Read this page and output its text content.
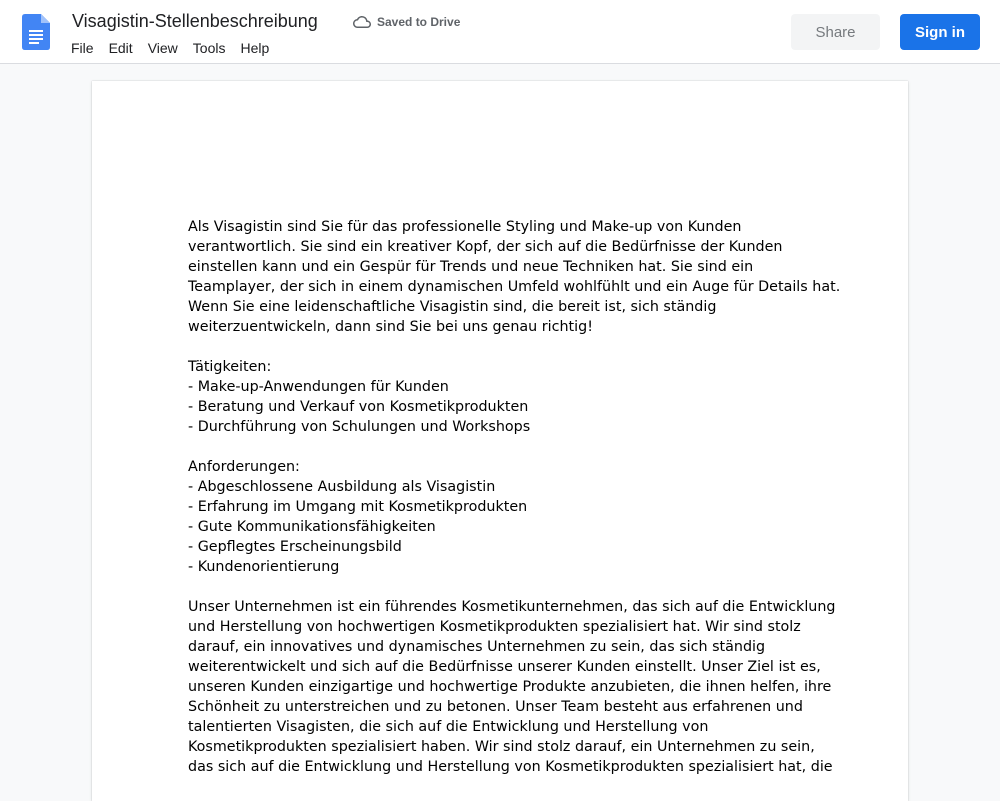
Visagistin-Stellenbeschreibung	Saved to Drive
File Edit View Tools Help
Share	Sign in

Als Visagistin sind Sie für das professionelle Styling und Make-up von Kunden
verantwortlich. Sie sind ein kreativer Kopf, der sich auf die Bedürfnisse der Kunden
einstellen kann und ein Gespür für Trends und neue Techniken hat. Sie sind ein
Teamplayer, der sich in einem dynamischen Umfeld wohlfühlt und ein Auge für Details hat.
Wenn Sie eine leidenschaftliche Visagistin sind, die bereit ist, sich ständig
weiterzuentwickeln, dann sind Sie bei uns genau richtig!

Tätigkeiten:
- Make-up-Anwendungen für Kunden
- Beratung und Verkauf von Kosmetikprodukten
- Durchführung von Schulungen und Workshops

Anforderungen:
- Abgeschlossene Ausbildung als Visagistin
- Erfahrung im Umgang mit Kosmetikprodukten
- Gute Kommunikationsfähigkeiten
- Gepflegtes Erscheinungsbild
- Kundenorientierung

Unser Unternehmen ist ein führendes Kosmetikunternehmen, das sich auf die Entwicklung
und Herstellung von hochwertigen Kosmetikprodukten spezialisiert hat. Wir sind stolz
darauf, ein innovatives und dynamisches Unternehmen zu sein, das sich ständig
weiterentwickelt und sich auf die Bedürfnisse unserer Kunden einstellt. Unser Ziel ist es,
unseren Kunden einzigartige und hochwertige Produkte anzubieten, die ihnen helfen, ihre
Schönheit zu unterstreichen und zu betonen. Unser Team besteht aus erfahrenen und
talentierten Visagisten, die sich auf die Entwicklung und Herstellung von
Kosmetikprodukten spezialisiert haben. Wir sind stolz darauf, ein Unternehmen zu sein,
das sich auf die Entwicklung und Herstellung von Kosmetikprodukten spezialisiert hat, die
